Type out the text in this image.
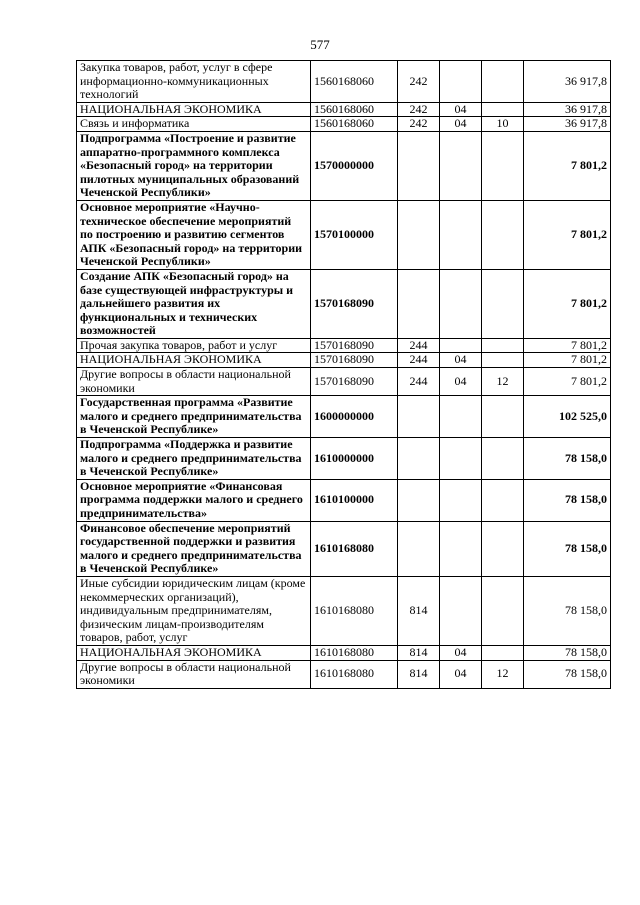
577
Закупка товаров, работ, услуг в сфере информационно-коммуникационных технологий	1560168060	242			36 917,8
НАЦИОНАЛЬНАЯ ЭКОНОМИКА	1560168060	242	04		36 917,8
Связь и информатика	1560168060	242	04	10	36 917,8
Подпрограмма «Построение и развитие аппаратно-программного комплекса «Безопасный город» на территории пилотных муниципальных образований Чеченской Республики»	1570000000				7 801,2
Основное мероприятие «Научно-техническое обеспечение мероприятий по построению и развитию сегментов АПК «Безопасный город» на территории Чеченской Республики»	1570100000				7 801,2
Создание АПК «Безопасный город» на базе существующей инфраструктуры и дальнейшего развития их функциональных и технических возможностей	1570168090				7 801,2
Прочая закупка товаров, работ и услуг	1570168090	244			7 801,2
НАЦИОНАЛЬНАЯ ЭКОНОМИКА	1570168090	244	04		7 801,2
Другие вопросы в области национальной экономики	1570168090	244	04	12	7 801,2
Государственная программа «Развитие малого и среднего предпринимательства в Чеченской Республике»	1600000000				102 525,0
Подпрограмма «Поддержка и развитие малого и среднего предпринимательства в Чеченской Республике»	1610000000				78 158,0
Основное мероприятие «Финансовая программа поддержки малого и среднего предпринимательства»	1610100000				78 158,0
Финансовое обеспечение мероприятий государственной поддержки и развития малого и среднего предпринимательства в Чеченской Республике»	1610168080				78 158,0
Иные субсидии юридическим лицам (кроме некоммерческих организаций), индивидуальным предпринимателям, физическим лицам-производителям товаров, работ, услуг	1610168080	814			78 158,0
НАЦИОНАЛЬНАЯ ЭКОНОМИКА	1610168080	814	04		78 158,0
Другие вопросы в области национальной экономики	1610168080	814	04	12	78 158,0
